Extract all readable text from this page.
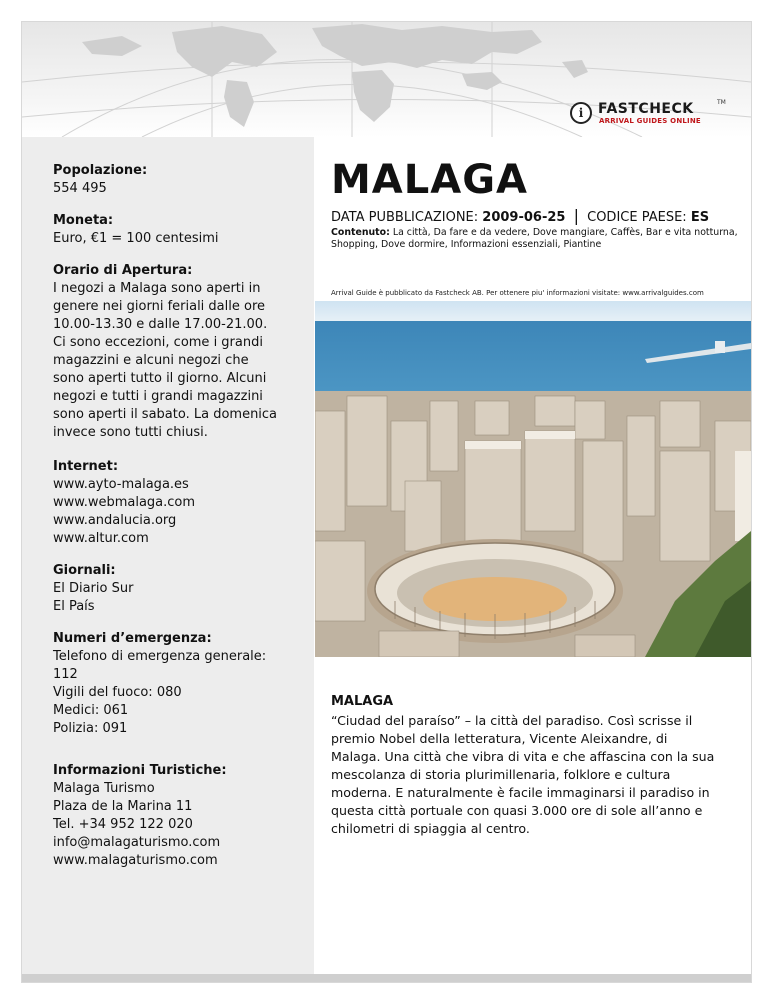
i	FASTCHECK	TM
ARRIVAL GUIDES ONLINE
Popolazione:
554 495
Moneta:
Euro, €1 = 100 centesimi
Orario di Apertura:
I negozi a Malaga sono aperti in
genere nei giorni feriali dalle ore
10.00-13.30 e dalle 17.00-21.00.
Ci sono eccezioni, come i grandi
magazzini e alcuni negozi che
sono aperti tutto il giorno. Alcuni
negozi e tutti i grandi magazzini
sono aperti il sabato. La domenica
invece sono tutti chiusi.
Internet:
www.ayto-malaga.es
www.webmalaga.com
www.andalucia.org
www.altur.com
Giornali:
El Diario Sur
El País
Numeri d’emergenza:
Telefono di emergenza generale:
112
Vigili del fuoco: 080
Medici: 061
Polizia: 091
Informazioni Turistiche:
Malaga Turismo
Plaza de la Marina 11
Tel. +34 952 122 020
info@malagaturismo.com
www.malagaturismo.com
MALAGA
DATA PUBBLICAZIONE: 2009-06-25 | CODICE PAESE: ES
Contenuto: La città, Da fare e da vedere, Dove mangiare, Caffès, Bar e vita notturna, Shopping, Dove dormire, Informazioni essenziali, Piantine
Arrival Guide è pubblicato da Fastcheck AB. Per ottenere piu' informazioni visitate: www.arrivalguides.com
MALAGA
“Ciudad del paraíso” – la città del paradiso. Così scrisse il
premio Nobel della letteratura, Vicente Aleixandre, di
Malaga. Una città che vibra di vita e che affascina con la sua
mescolanza di storia plurimillenaria, folklore e cultura
moderna. E naturalmente è facile immaginarsi il paradiso in
questa città portuale con quasi 3.000 ore di sole all’anno e
chilometri di spiaggia al centro.
